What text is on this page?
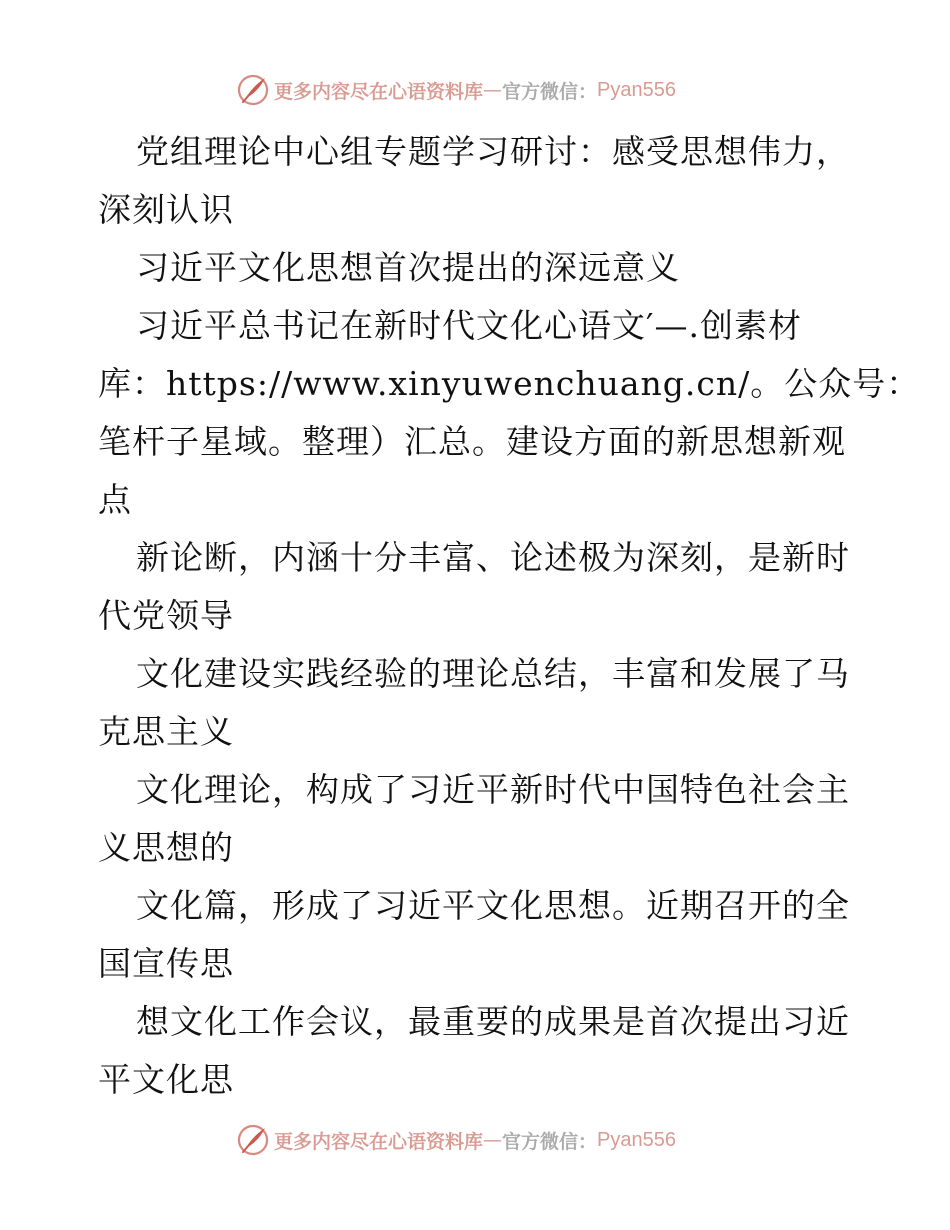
更多内容尽在心语资料库 — 官方微信： Pyan556
党组理论中心组专题学习研讨：感受思想伟力，
深刻认识
习近平文化思想首次提出的深远意义
习近平总书记在新时代文化心语文′—.创素材
库：https://www.xinyuwenchuang.cn/。公众号：
笔杆子星域。整理）汇总。建设方面的新思想新观
点
新论断，内涵十分丰富、论述极为深刻，是新时
代党领导
文化建设实践经验的理论总结，丰富和发展了马
克思主义
文化理论，构成了习近平新时代中国特色社会主
义思想的
文化篇，形成了习近平文化思想。近期召开的全
国宣传思
想文化工作会议，最重要的成果是首次提出习近
平文化思
更多内容尽在心语资料库 — 官方微信： Pyan556
